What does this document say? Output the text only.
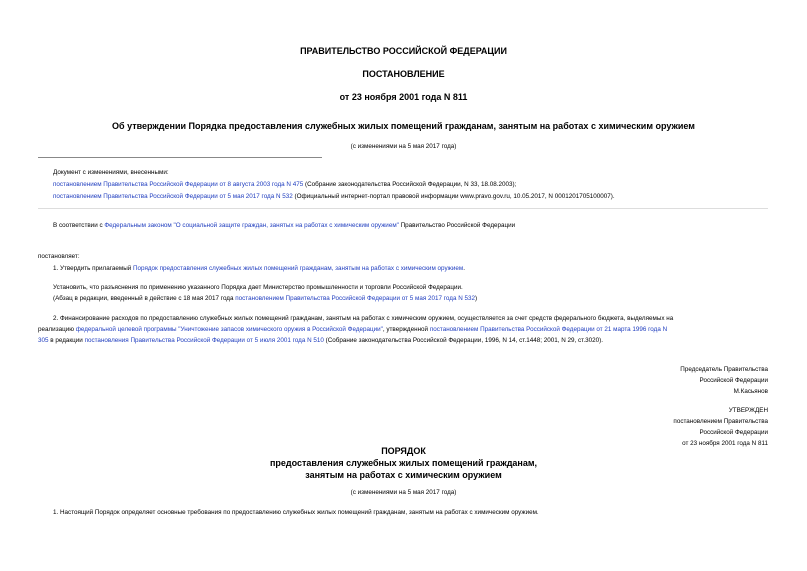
ПРАВИТЕЛЬСТВО РОССИЙСКОЙ ФЕДЕРАЦИИ
ПОСТАНОВЛЕНИЕ
от 23 ноября 2001 года N 811
Об утверждении Порядка предоставления служебных жилых помещений гражданам, занятым на работах с химическим оружием
(с изменениями на 5 мая 2017 года)
Документ с изменениями, внесенными:
постановлением Правительства Российской Федерации от 8 августа 2003 года N 475 (Собрание законодательства Российской Федерации, N 33, 18.08.2003);
постановлением Правительства Российской Федерации от 5 мая 2017 года N 532 (Официальный интернет-портал правовой информации www.pravo.gov.ru, 10.05.2017, N 0001201705100007).
В соответствии с Федеральным законом "О социальной защите граждан, занятых на работах с химическим оружием" Правительство Российской Федерации
постановляет:
1. Утвердить прилагаемый Порядок предоставления служебных жилых помещений гражданам, занятым на работах с химическим оружием.
Установить, что разъяснения по применению указанного Порядка дает Министерство промышленности и торговли Российской Федерации.
(Абзац в редакции, введенный в действие с 18 мая 2017 года постановлением Правительства Российской Федерации от 5 мая 2017 года N 532)
2. Финансирование расходов по предоставлению служебных жилых помещений гражданам, занятым на работах с химическим оружием, осуществляется за счет средств федерального бюджета, выделяемых на
реализацию федеральной целевой программы "Уничтожение запасов химического оружия в Российской Федерации", утвержденной постановлением Правительства Российской Федерации от 21 марта 1996 года N
305 в редакции постановления Правительства Российской Федерации от 5 июля 2001 года N 510 (Собрание законодательства Российской Федерации, 1996, N 14, ст.1448; 2001, N 29, ст.3020).
Председатель Правительства
Российской Федерации
М.Касьянов
УТВЕРЖДЕН
постановлением Правительства
Российской Федерации
от 23 ноября 2001 года N 811
ПОРЯДОК
предоставления служебных жилых помещений гражданам,
занятым на работах с химическим оружием
(с изменениями на 5 мая 2017 года)
1. Настоящий Порядок определяет основные требования по предоставлению служебных жилых помещений гражданам, занятым на работах с химическим оружием.
